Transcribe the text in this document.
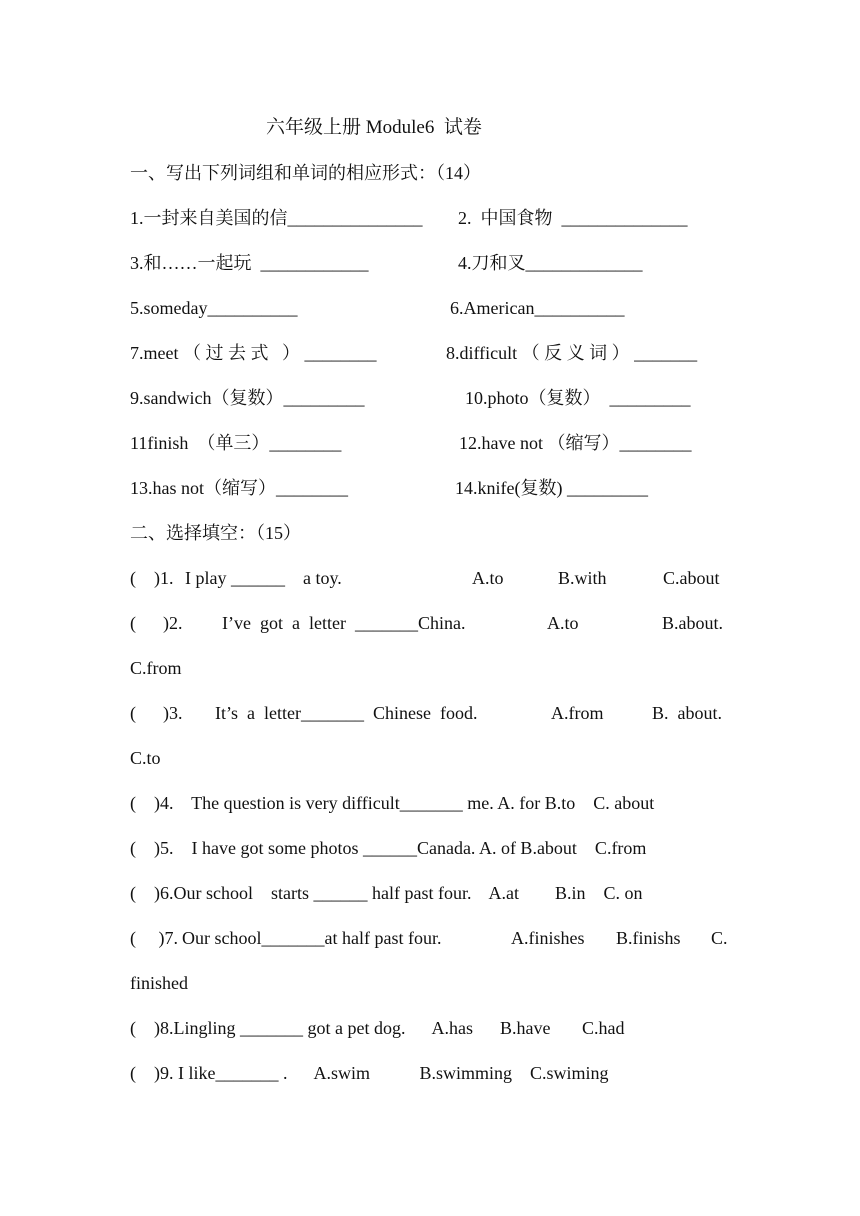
六年级上册 Module6  试卷
一、写出下列词组和单词的相应形式：（14）
1.一封来自美国的信_______________ 2.  中国食物  ______________
3.和……一起玩  ____________	4.刀和叉_____________
5.someday__________	6.American__________
7.meet （ 过 去 式   ） ________	8.difficult （ 反 义 词 ） _______
9.sandwich（复数）_________	10.photo（复数）  _________
11finish  （单三）________	12.have not （缩写）________
13.has not（缩写）________	14.knife(复数) _________
二、选择填空：（15）
(    )1. I play ______    a toy.	A.to	B.with	C.about
(      )2. I’ve  got  a  letter  _______China.	A.to	B.about.
C.from
(      )3. It’s  a  letter_______  Chinese  food.	A.from	B.  about.
C.to
(    )4.    The question is very difficult_______ me. A. for B.to    C. about
(    )5.    I have got some photos ______Canada. A. of B.about    C.from
(    )6.Our school    starts ______ half past four.    A.at        B.in    C. on
(     )7. Our school_______at half past four.	A.finishes B.finishs C.
finished
(    )8.Lingling _______ got a pet dog.      A.has      B.have       C.had
(    )9. I like_______ .      A.swim           B.swimming    C.swiming
